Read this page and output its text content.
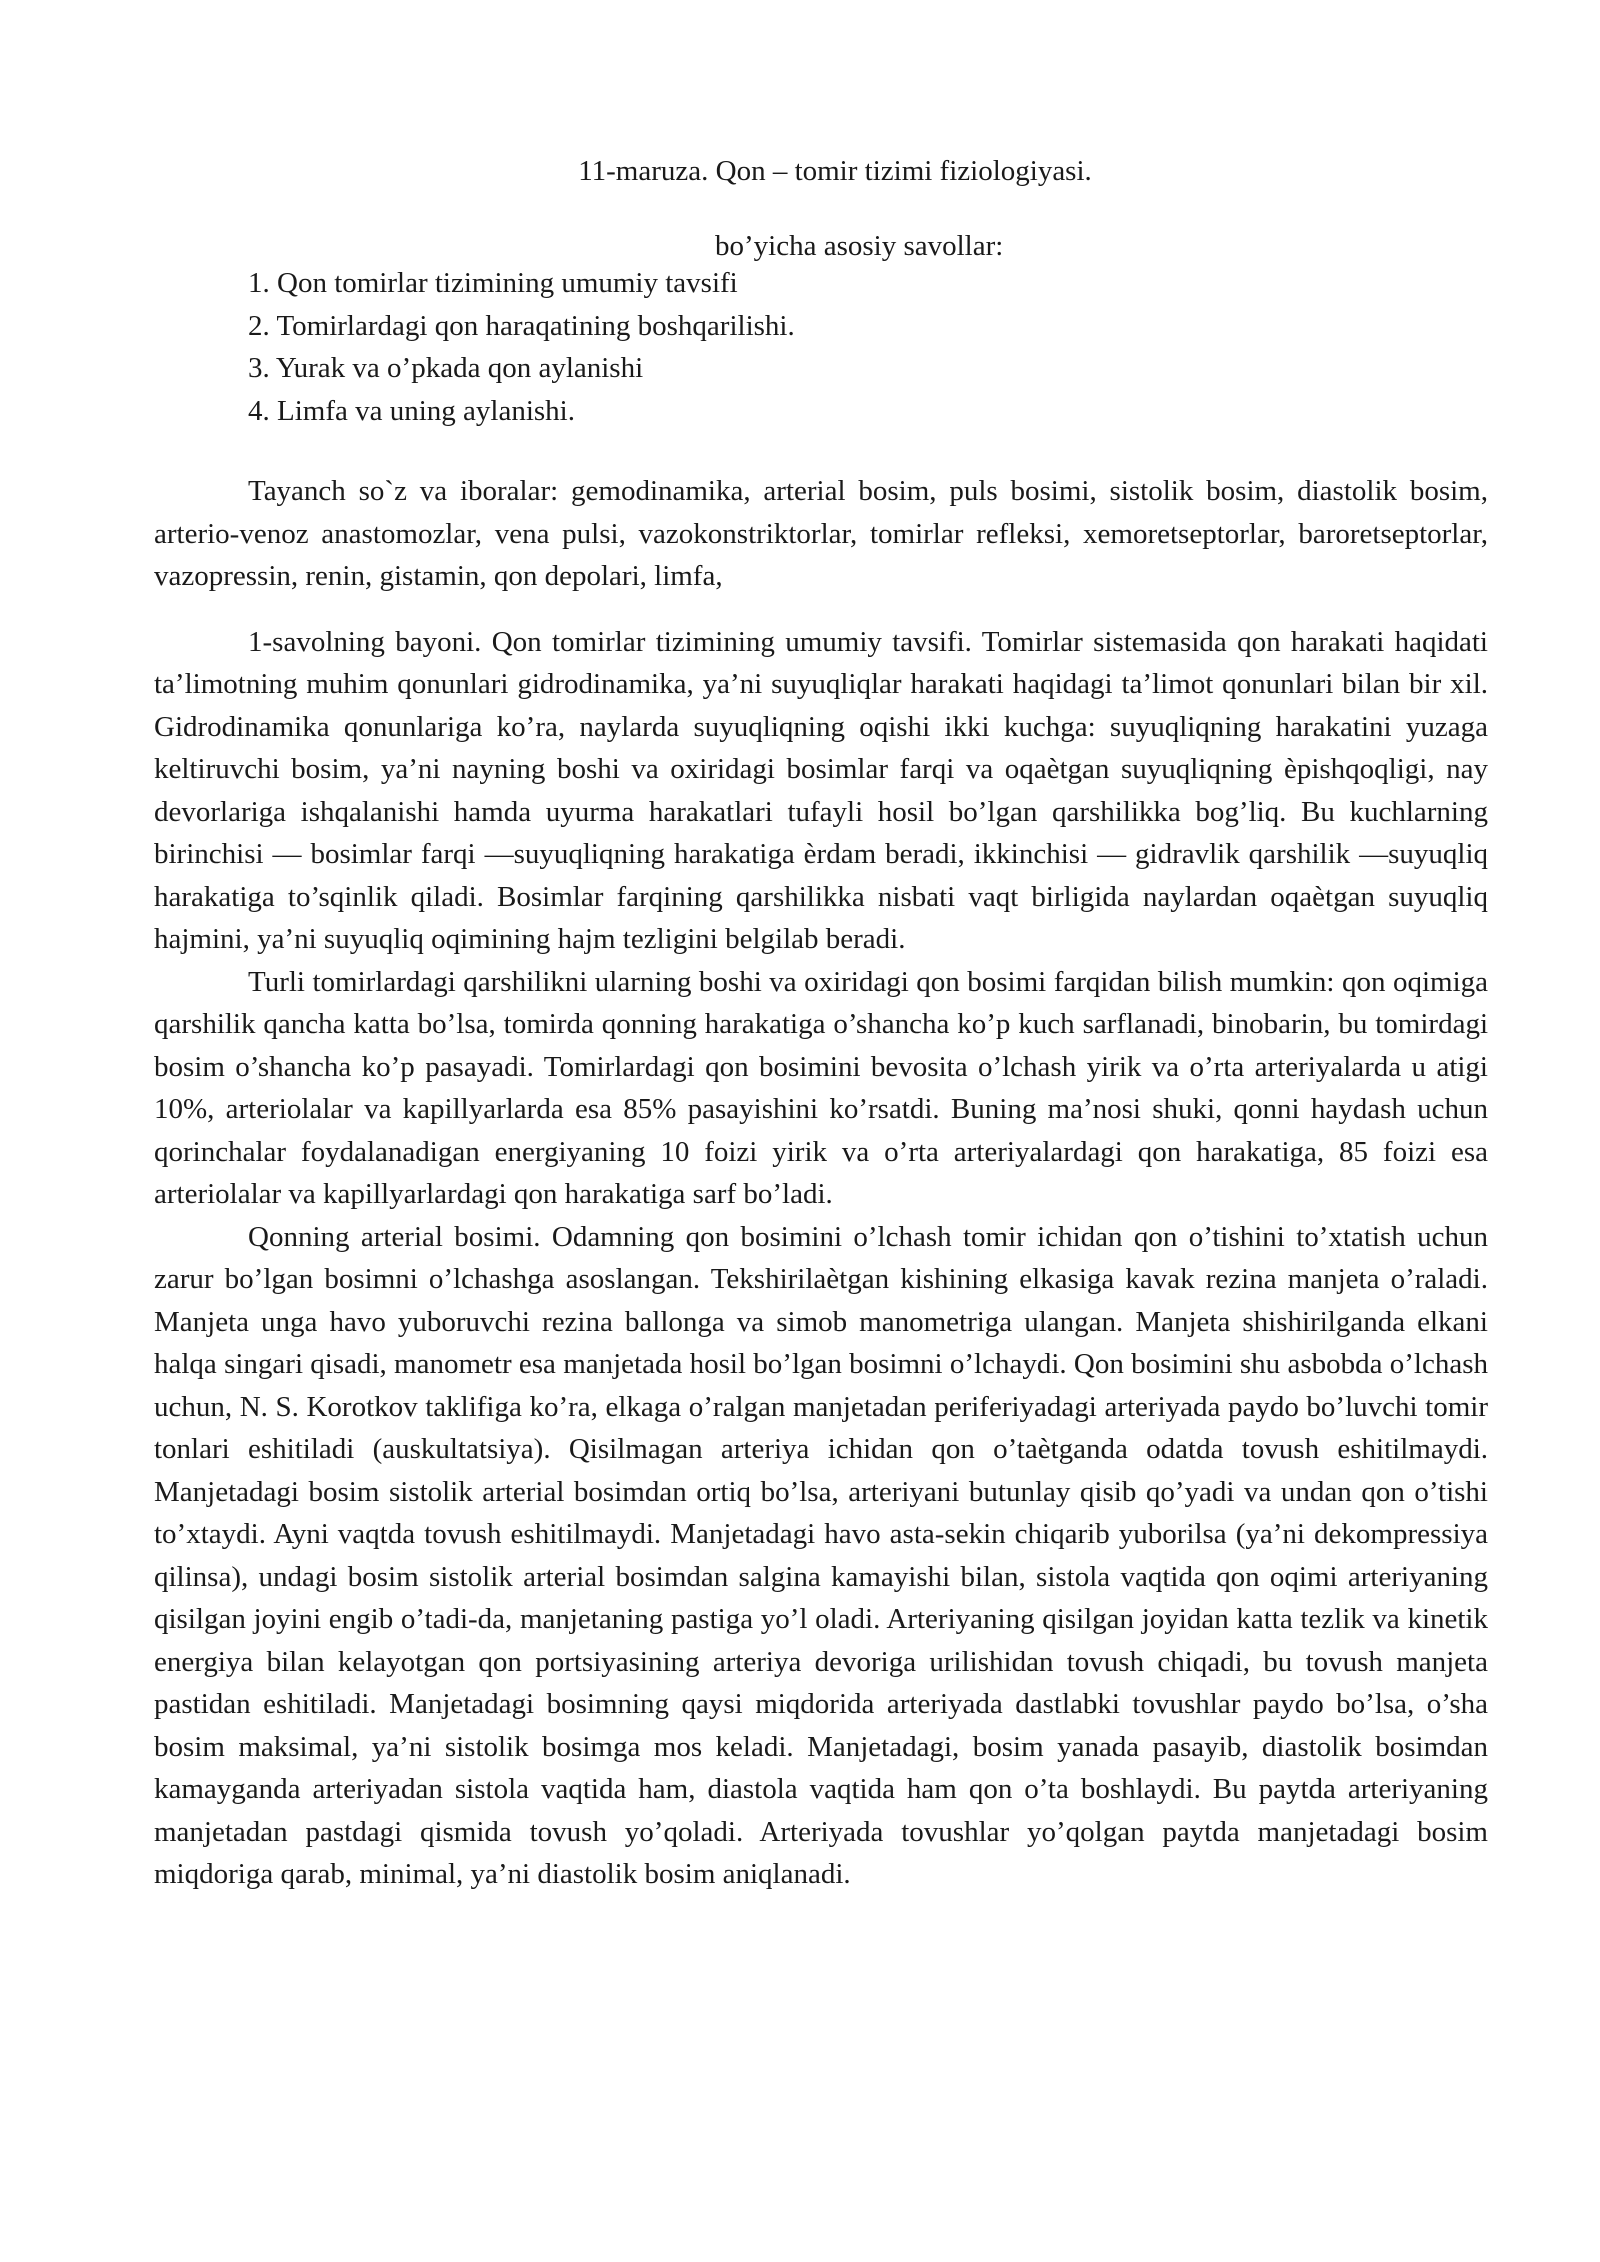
11-maruza. Qon – tomir tizimi fiziologiyasi.
bo’yicha asosiy savollar:
1. Qon tomirlar tizimining umumiy tavsifi
2. Tomirlardagi qon haraqatining boshqarilishi.
3. Yurak va o’pkada qon aylanishi
4. Limfa va uning aylanishi.

Tayanch so`z va iboralar: gemodinamika, arterial bosim, puls bosimi, sistolik bosim, diastolik bosim, arterio-venoz anastomozlar, vena pulsi, vazokonstriktorlar, tomirlar refleksi, xemoretseptorlar, baroretseptorlar, vazopressin, renin, gistamin, qon depolari, limfa,

1-savolning bayoni. Qon tomirlar tizimining umumiy tavsifi. Tomirlar sistemasida qon harakati haqidati ta’limotning muhim qonunlari gidrodinamika, ya’ni suyuqliqlar harakati haqidagi ta’limot qonunlari bilan bir xil. Gidrodinamika qonunlariga ko’ra, naylarda suyuqliqning oqishi ikki kuchga: suyuqliqning harakatini yuzaga keltiruvchi bosim, ya’ni nayning boshi va oxiridagi bosimlar farqi va oqaètgan suyuqliqning èpishqoqligi, nay devorlariga ishqalanishi hamda uyurma harakatlari tufayli hosil bo’lgan qarshilikka bog’liq. Bu kuchlarning birinchisi — bosimlar farqi —suyuqliqning harakatiga èrdam beradi, ikkinchisi — gidravlik qarshilik —suyuqliq harakatiga to’sqinlik qiladi. Bosimlar farqining qarshilikka nisbati vaqt birligida naylardan oqaètgan suyuqliq hajmini, ya’ni suyuqliq oqimining hajm tezligini belgilab beradi.

Turli tomirlardagi qarshilikni ularning boshi va oxiridagi qon bosimi farqidan bilish mumkin: qon oqimiga qarshilik qancha katta bo’lsa, tomirda qonning harakatiga o’shancha ko’p kuch sarflanadi, binobarin, bu tomirdagi bosim o’shancha ko’p pasayadi. Tomirlardagi qon bosimini bevosita o’lchash yirik va o’rta arteriyalarda u atigi 10%, arteriolalar va kapillyarlarda esa 85% pasayishini ko’rsatdi. Buning ma’nosi shuki, qonni haydash uchun qorinchalar foydalanadigan energiyaning 10 foizi yirik va o’rta arteriyalardagi qon harakatiga, 85 foizi esa arteriolalar va kapillyarlardagi qon harakatiga sarf bo’ladi.

Qonning arterial bosimi. Odamning qon bosimini o’lchash tomir ichidan qon o’tishini to’xtatish uchun zarur bo’lgan bosimni o’lchashga asoslangan. Tekshirilaètgan kishining elkasiga kavak rezina manjeta o’raladi. Manjeta unga havo yuboruvchi rezina ballonga va simob manometriga ulangan. Manjeta shishirilganda elkani halqa singari qisadi, manometr esa manjetada hosil bo’lgan bosimni o’lchaydi. Qon bosimini shu asbobda o’lchash uchun, N. S. Korotkov taklifiga ko’ra, elkaga o’ralgan manjetadan periferiyadagi arteriyada paydo bo’luvchi tomir tonlari eshitiladi (auskultatsiya). Qisilmagan arteriya ichidan qon o’taètganda odatda tovush eshitilmaydi. Manjetadagi bosim sistolik arterial bosimdan ortiq bo’lsa, arteriyani butunlay qisib qo’yadi va undan qon o’tishi to’xtaydi. Ayni vaqtda tovush eshitilmaydi. Manjetadagi havo asta-sekin chiqarib yuborilsa (ya’ni dekompressiya qilinsa), undagi bosim sistolik arterial bosimdan salgina kamayishi bilan, sistola vaqtida qon oqimi arteriyaning qisilgan joyini engib o’tadi-da, manjetaning pastiga yo’l oladi. Arteriyaning qisilgan joyidan katta tezlik va kinetik energiya bilan kelayotgan qon portsiyasining arteriya devoriga urilishidan tovush chiqadi, bu tovush manjeta pastidan eshitiladi. Manjetadagi bosimning qaysi miqdorida arteriyada dastlabki tovushlar paydo bo’lsa, o’sha bosim maksimal, ya’ni sistolik bosimga mos keladi. Manjetadagi, bosim yanada pasayib, diastolik bosimdan kamayganda arteriyadan sistola vaqtida ham, diastola vaqtida ham qon o’ta boshlaydi. Bu paytda arteriyaning manjetadan pastdagi qismida tovush yo’qoladi. Arteriyada tovushlar yo’qolgan paytda manjetadagi bosim miqdoriga qarab, minimal, ya’ni diastolik bosim aniqlanadi.
